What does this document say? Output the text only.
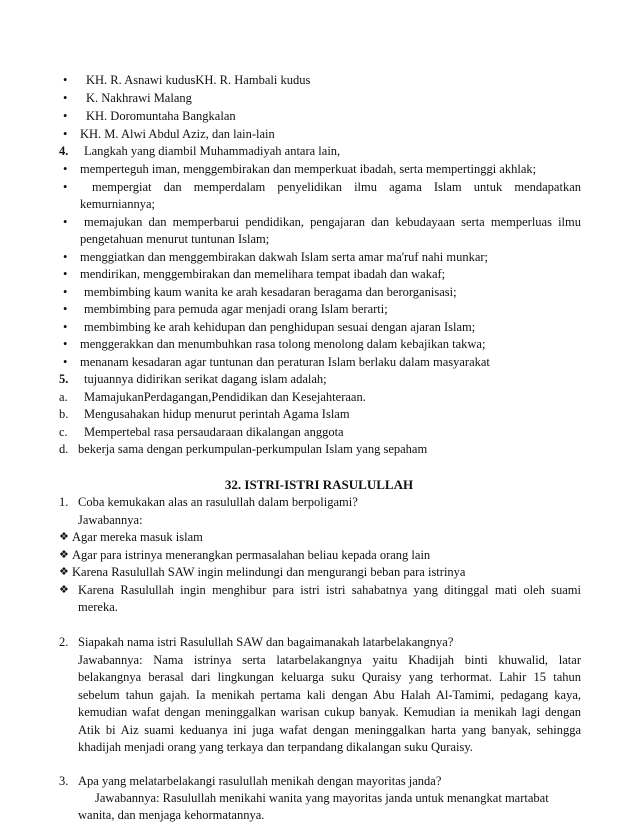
• KH. R. Asnawi kudusKH. R. Hambali kudus
• K. Nakhrawi Malang
• KH. Doromuntaha Bangkalan
• KH. M. Alwi Abdul Aziz, dan lain-lain
4. Langkah yang diambil Muhammadiyah antara lain,
• memperteguh iman, menggembirakan dan memperkuat ibadah, serta mempertinggi akhlak;
• mempergiat dan memperdalam penyelidikan ilmu agama Islam untuk mendapatkan
kemurniannya;
• memajukan dan memperbarui pendidikan, pengajaran dan kebudayaan serta memperluas ilmu
pengetahuan menurut tuntunan Islam;
• menggiatkan dan menggembirakan dakwah Islam serta amar ma'ruf nahi munkar;
• mendirikan, menggembirakan dan memelihara tempat ibadah dan wakaf;
• membimbing kaum wanita ke arah kesadaran beragama dan berorganisasi;
• membimbing para pemuda agar menjadi orang Islam berarti;
• membimbing ke arah kehidupan dan penghidupan sesuai dengan ajaran Islam;
• menggerakkan dan menumbuhkan rasa tolong menolong dalam kebajikan takwa;
• menanam kesadaran agar tuntunan dan peraturan Islam berlaku dalam masyarakat
5. tujuannya didirikan serikat dagang islam adalah;
a. MamajukanPerdagangan,Pendidikan dan Kesejahteraan.
b. Mengusahakan hidup menurut perintah Agama Islam
c. Mempertebal rasa persaudaraan dikalangan anggota
d. bekerja sama dengan perkumpulan-perkumpulan Islam yang sepaham
32. ISTRI-ISTRI RASULULLAH
1. Coba kemukakan alas an rasulullah dalam berpoligami?
Jawabannya:
❖ Agar mereka masuk islam
❖ Agar para istrinya menerangkan permasalahan beliau kepada orang lain
❖ Karena Rasulullah SAW ingin melindungi dan mengurangi beban para istrinya
❖ Karena Rasulullah ingin menghibur para istri istri sahabatnya yang ditinggal mati oleh suami
mereka.
2. Siapakah nama istri Rasulullah SAW dan bagaimanakah latarbelakangnya?
Jawabannya: Nama istrinya serta latarbelakangnya yaitu Khadijah binti khuwalid, latar
belakangnya berasal dari lingkungan keluarga suku Quraisy yang terhormat. Lahir 15 tahun
sebelum tahun gajah. Ia menikah pertama kali dengan Abu Halah Al-Tamimi, pedagang kaya,
kemudian wafat dengan meninggalkan warisan cukup banyak. Kemudian ia menikah lagi dengan
Atik bi Aiz suami keduanya ini juga wafat dengan meninggalkan harta yang banyak, sehingga
khadijah menjadi orang yang terkaya dan terpandang dikalangan suku Quraisy.
3. Apa yang melatarbelakangi rasulullah menikah dengan mayoritas janda?
Jawabannya: Rasulullah menikahi wanita yang mayoritas janda untuk menangkat martabat
wanita, dan menjaga kehormatannya.
